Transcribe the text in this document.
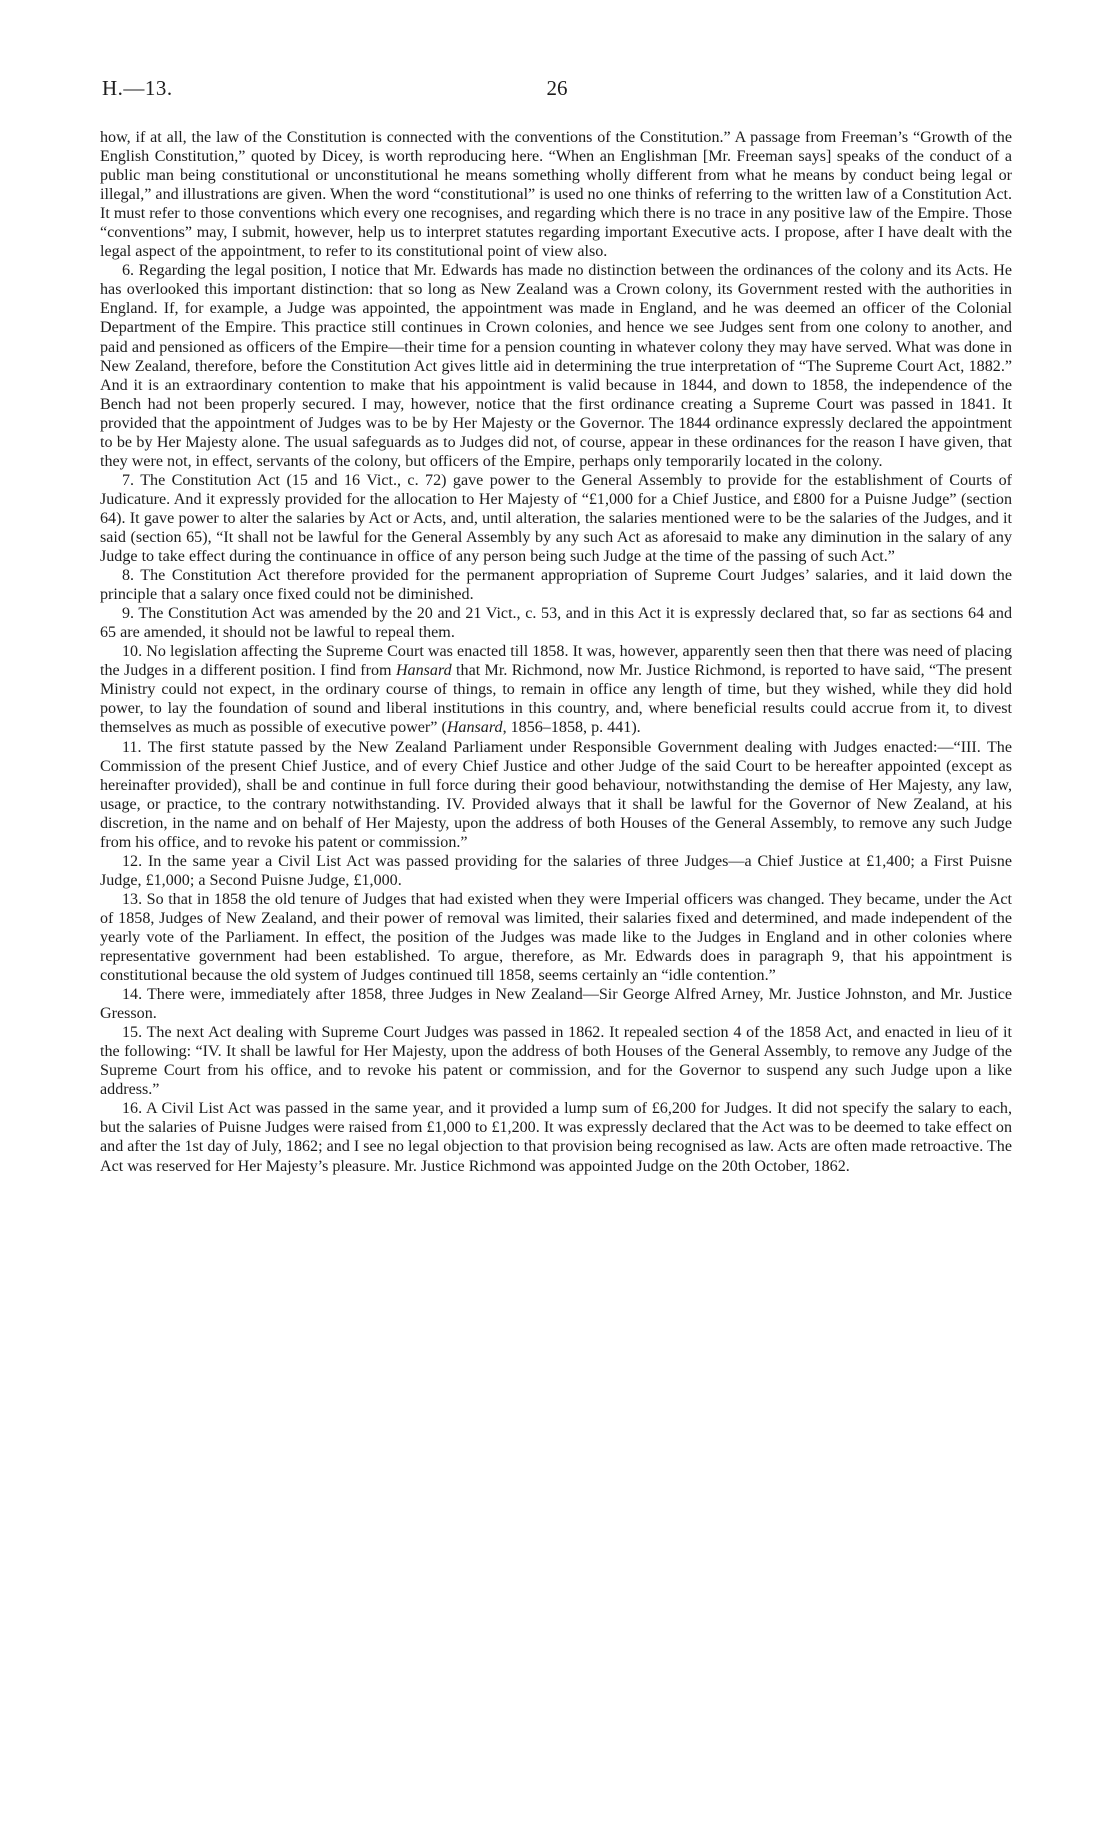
H.—13.	26

how, if at all, the law of the Constitution is connected with the conventions of the Constitution.” A passage from Freeman’s “Growth of the English Constitution,” quoted by Dicey, is worth reproducing here. “When an Englishman [Mr. Freeman says] speaks of the conduct of a public man being constitutional or unconstitutional he means something wholly different from what he means by conduct being legal or illegal,” and illustrations are given. When the word “constitutional” is used no one thinks of referring to the written law of a Constitution Act. It must refer to those conventions which every one recognises, and regarding which there is no trace in any positive law of the Empire. Those “conventions” may, I submit, however, help us to interpret statutes regarding important Executive acts. I propose, after I have dealt with the legal aspect of the appointment, to refer to its constitutional point of view also.

6. Regarding the legal position, I notice that Mr. Edwards has made no distinction between the ordinances of the colony and its Acts. He has overlooked this important distinction: that so long as New Zealand was a Crown colony, its Government rested with the authorities in England. If, for example, a Judge was appointed, the appointment was made in England, and he was deemed an officer of the Colonial Department of the Empire. This practice still continues in Crown colonies, and hence we see Judges sent from one colony to another, and paid and pensioned as officers of the Empire—their time for a pension counting in whatever colony they may have served. What was done in New Zealand, therefore, before the Constitution Act gives little aid in determining the true interpretation of “The Supreme Court Act, 1882.” And it is an extraordinary contention to make that his appointment is valid because in 1844, and down to 1858, the independence of the Bench had not been properly secured. I may, however, notice that the first ordinance creating a Supreme Court was passed in 1841. It provided that the appointment of Judges was to be by Her Majesty or the Governor. The 1844 ordinance expressly declared the appointment to be by Her Majesty alone. The usual safeguards as to Judges did not, of course, appear in these ordinances for the reason I have given, that they were not, in effect, servants of the colony, but officers of the Empire, perhaps only temporarily located in the colony.

7. The Constitution Act (15 and 16 Vict., c. 72) gave power to the General Assembly to provide for the establishment of Courts of Judicature. And it expressly provided for the allocation to Her Majesty of “£1,000 for a Chief Justice, and £800 for a Puisne Judge” (section 64). It gave power to alter the salaries by Act or Acts, and, until alteration, the salaries mentioned were to be the salaries of the Judges, and it said (section 65), “It shall not be lawful for the General Assembly by any such Act as aforesaid to make any diminution in the salary of any Judge to take effect during the continuance in office of any person being such Judge at the time of the passing of such Act.”

8. The Constitution Act therefore provided for the permanent appropriation of Supreme Court Judges’ salaries, and it laid down the principle that a salary once fixed could not be diminished.

9. The Constitution Act was amended by the 20 and 21 Vict., c. 53, and in this Act it is expressly declared that, so far as sections 64 and 65 are amended, it should not be lawful to repeal them.

10. No legislation affecting the Supreme Court was enacted till 1858. It was, however, apparently seen then that there was need of placing the Judges in a different position. I find from Hansard that Mr. Richmond, now Mr. Justice Richmond, is reported to have said, “The present Ministry could not expect, in the ordinary course of things, to remain in office any length of time, but they wished, while they did hold power, to lay the foundation of sound and liberal institutions in this country, and, where beneficial results could accrue from it, to divest themselves as much as possible of executive power” (Hansard, 1856–1858, p. 441).

11. The first statute passed by the New Zealand Parliament under Responsible Government dealing with Judges enacted:—“III. The Commission of the present Chief Justice, and of every Chief Justice and other Judge of the said Court to be hereafter appointed (except as hereinafter provided), shall be and continue in full force during their good behaviour, notwithstanding the demise of Her Majesty, any law, usage, or practice, to the contrary notwithstanding. IV. Provided always that it shall be lawful for the Governor of New Zealand, at his discretion, in the name and on behalf of Her Majesty, upon the address of both Houses of the General Assembly, to remove any such Judge from his office, and to revoke his patent or commission.”

12. In the same year a Civil List Act was passed providing for the salaries of three Judges—a Chief Justice at £1,400; a First Puisne Judge, £1,000; a Second Puisne Judge, £1,000.

13. So that in 1858 the old tenure of Judges that had existed when they were Imperial officers was changed. They became, under the Act of 1858, Judges of New Zealand, and their power of removal was limited, their salaries fixed and determined, and made independent of the yearly vote of the Parliament. In effect, the position of the Judges was made like to the Judges in England and in other colonies where representative government had been established. To argue, therefore, as Mr. Edwards does in paragraph 9, that his appointment is constitutional because the old system of Judges continued till 1858, seems certainly an “idle contention.”

14. There were, immediately after 1858, three Judges in New Zealand—Sir George Alfred Arney, Mr. Justice Johnston, and Mr. Justice Gresson.

15. The next Act dealing with Supreme Court Judges was passed in 1862. It repealed section 4 of the 1858 Act, and enacted in lieu of it the following: “IV. It shall be lawful for Her Majesty, upon the address of both Houses of the General Assembly, to remove any Judge of the Supreme Court from his office, and to revoke his patent or commission, and for the Governor to suspend any such Judge upon a like address.”

16. A Civil List Act was passed in the same year, and it provided a lump sum of £6,200 for Judges. It did not specify the salary to each, but the salaries of Puisne Judges were raised from £1,000 to £1,200. It was expressly declared that the Act was to be deemed to take effect on and after the 1st day of July, 1862; and I see no legal objection to that provision being recognised as law. Acts are often made retroactive. The Act was reserved for Her Majesty’s pleasure. Mr. Justice Richmond was appointed Judge on the 20th October, 1862.
